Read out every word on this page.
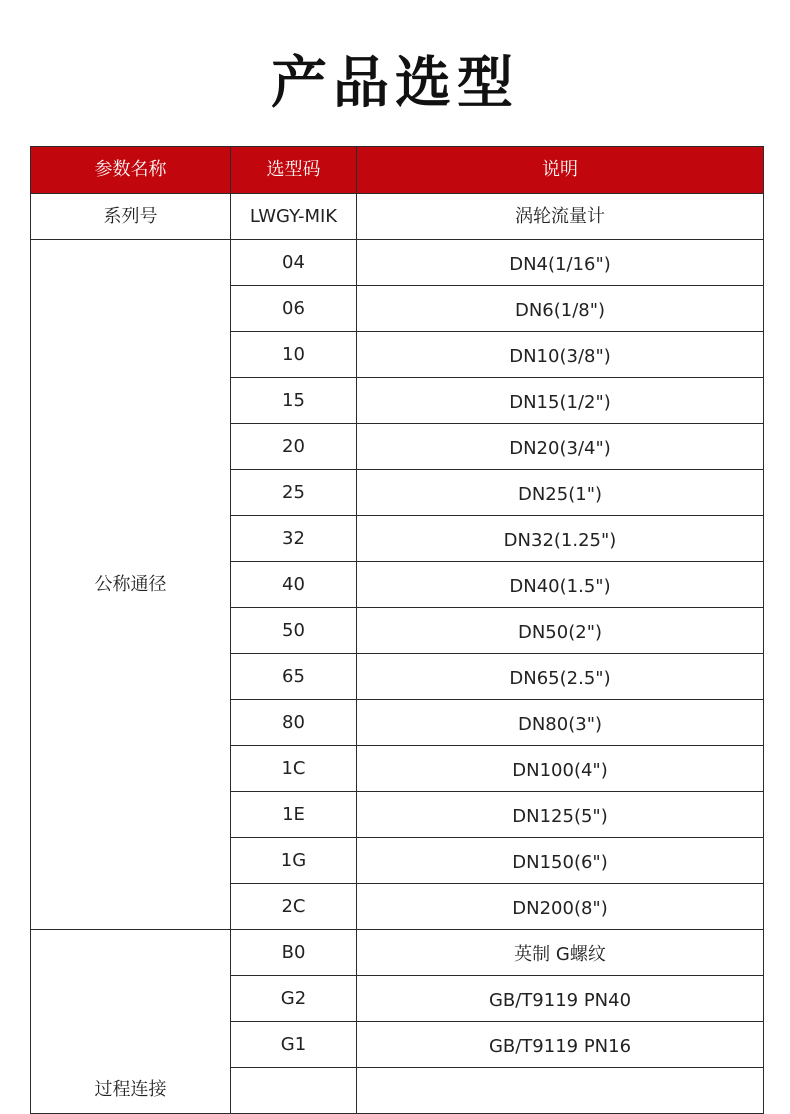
产品选型
参数名称	选型码	说明
系列号	LWGY-MIK	涡轮流量计
公称通径	04	DN4(1/16")
	06	DN6(1/8")
	10	DN10(3/8")
	15	DN15(1/2")
	20	DN20(3/4")
	25	DN25(1")
	32	DN32(1.25")
	40	DN40(1.5")
	50	DN50(2")
	65	DN65(2.5")
	80	DN80(3")
	1C	DN100(4")
	1E	DN125(5")
	1G	DN150(6")
	2C	DN200(8")
过程连接	B0	英制 G螺纹
	G2	GB/T9119 PN40
	G1	GB/T9119 PN16
